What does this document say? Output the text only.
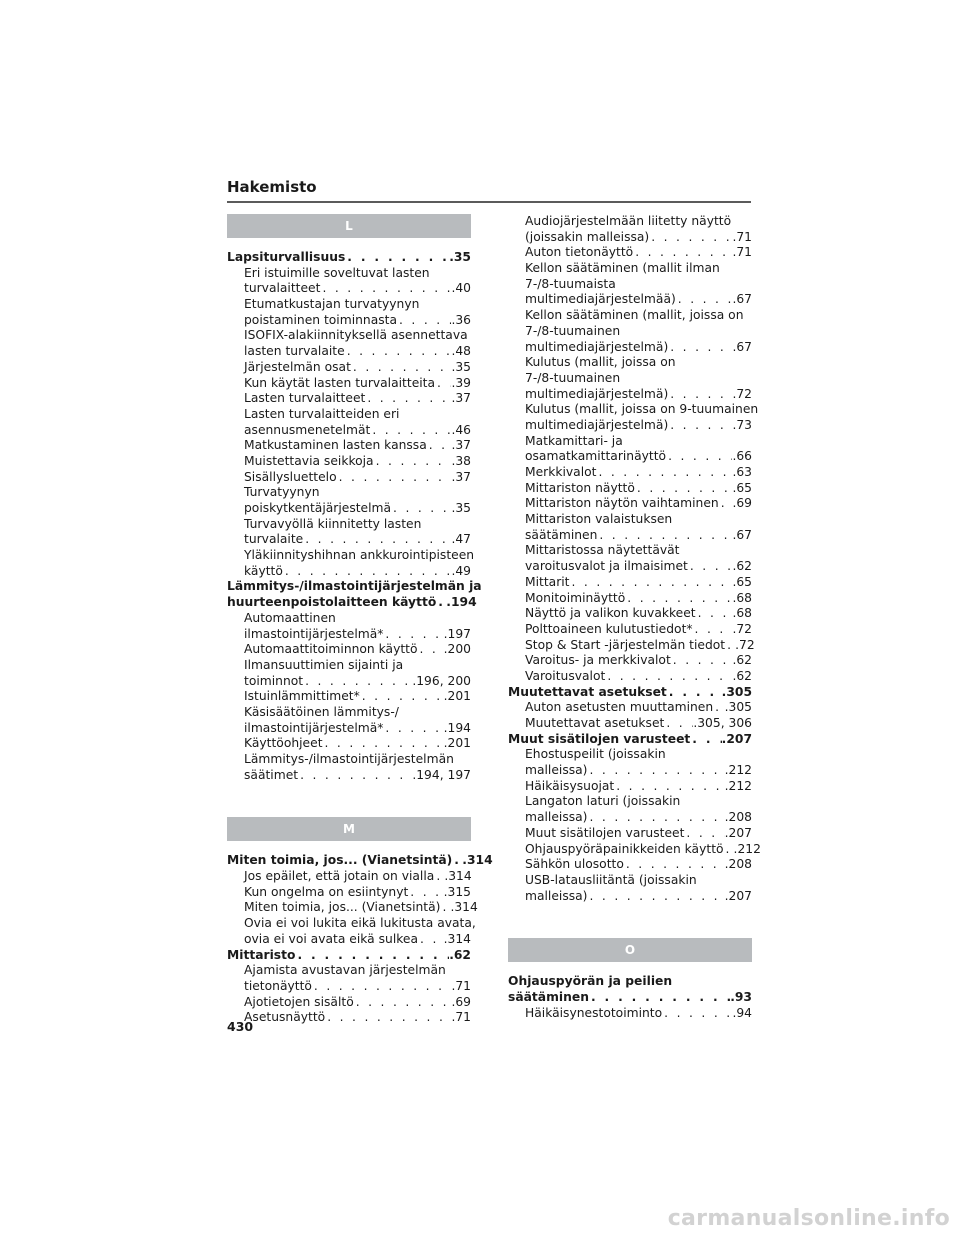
Hakemisto
L
Lapsiturvallisuus . . .	.35
Eri istuimille soveltuvat lasten
turvalaitteet . . .	.40
Etumatkustajan turvatyynyn
poistaminen toiminnasta . . .	.36
ISOFIX-alakiinnityksellä asennettava
lasten turvalaite . . .	.48
Järjestelmän osat . . .	.35
Kun käytät lasten turvalaitteita . . . .39
Lasten turvalaitteet . . .	.37
Lasten turvalaitteiden eri
asennusmenetelmät . . .	.46
Matkustaminen lasten kanssa . . . .37
Muistettavia seikkoja . . .	.38
Sisällysluettelo . . .	.37
Turvatyynyn
poiskytkentäjärjestelmä . . .	.35
Turvavyöllä kiinnitetty lasten
turvalaite . . .	.47
Yläkiinnityshihnan ankkurointipisteen
käyttö . . .	.49
Lämmitys-/ilmastointijärjestelmän ja
huurteenpoistolaitteen käyttö . . . .194
Automaattinen
ilmastointijärjestelmä* . . .	.197
Automaattitoiminnon käyttö . . . .200
Ilmansuuttimien sijainti ja
toiminnot . . .	.196, 200
Istuinlämmittimet* . . .	.201
Käsisäätöinen lämmitys-/
ilmastointijärjestelmä* . . .	.194
Käyttöohjeet . . .	.201
Lämmitys-/ilmastointijärjestelmän
säätimet . . .	.194, 197
M
Miten toimia, jos... (Vianetsintä) . . . .314
Jos epäilet, että jotain on vialla . . . .314
Kun ongelma on esiintynyt . . .	.315
Miten toimia, jos... (Vianetsintä) . . . .314
Ovia ei voi lukita eikä lukitusta avata,
ovia ei voi avata eikä sulkea . . . .314
Mittaristo . . .	.62
Ajamista avustavan järjestelmän
tietonäyttö . . .	.71
Ajotietojen sisältö . . .	.69
Asetusnäyttö . . .	.71
Audiojärjestelmään liitetty näyttö
(joissakin malleissa) . . .	.71
Auton tietonäyttö . . .	.71
Kellon säätäminen (mallit ilman
7-/8-tuumaista
multimediajärjestelmää) . . .	.67
Kellon säätäminen (mallit, joissa on
7-/8-tuumainen
multimediajärjestelmä) . . .	.67
Kulutus (mallit, joissa on
7-/8-tuumainen
multimediajärjestelmä) . . .	.72
Kulutus (mallit, joissa on 9-tuumainen
multimediajärjestelmä) . . .	.73
Matkamittari- ja
osamatkamittarinäyttö . . .	.66
Merkkivalot . . .	.63
Mittariston näyttö . . .	.65
Mittariston näytön vaihtaminen . . . .69
Mittariston valaistuksen
säätäminen . . .	.67
Mittaristossa näytettävät
varoitusvalot ja ilmaisimet . . .	.62
Mittarit . . .	.65
Monitoiminäyttö . . .	.68
Näyttö ja valikon kuvakkeet . . .	.68
Polttoaineen kulutustiedot* . . .	.72
Stop & Start -järjestelmän tiedot . . . .72
Varoitus- ja merkkivalot . . .	.62
Varoitusvalot . . .	.62
Muutettavat asetukset . . .	.305
Auton asetusten muuttaminen . . . .305
Muutettavat asetukset . . . .305, 306
Muut sisätilojen varusteet . . .	.207
Ehostuspeilit (joissakin
malleissa) . . .	.212
Häikäisysuojat . . .	.212
Langaton laturi (joissakin
malleissa) . . .	.208
Muut sisätilojen varusteet . . .	.207
Ohjauspyöräpainikkeiden käyttö . . . .212
Sähkön ulosotto . . .	.208
USB-latausliitäntä (joissakin
malleissa) . . .	.207
O
Ohjauspyörän ja peilien
säätäminen . . .	.93
Häikäisynestotoiminto . . .	.94
430
carmanualsonline.info
